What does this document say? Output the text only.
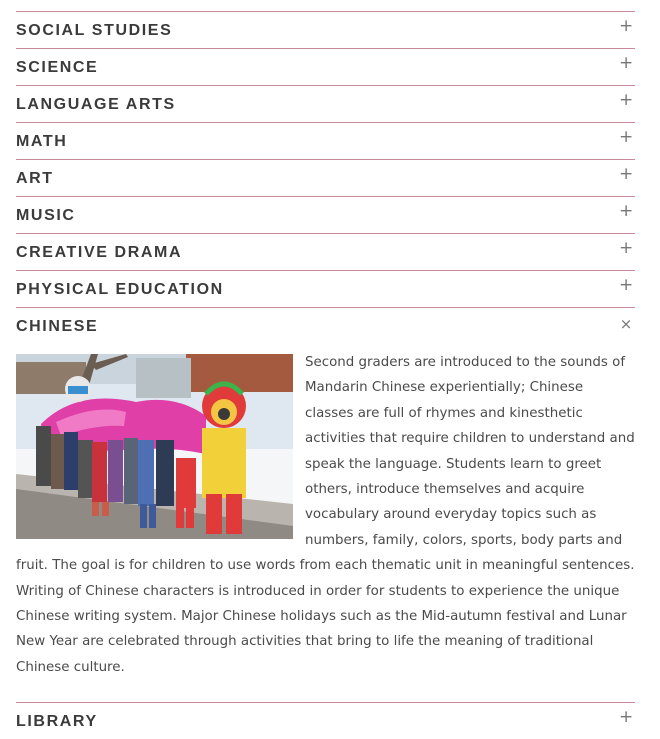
SOCIAL STUDIES	+
SCIENCE	+
LANGUAGE ARTS	+
MATH	+
ART	+
MUSIC	+
CREATIVE DRAMA	+
PHYSICAL EDUCATION	+
CHINESE	×

Second graders are introduced to the sounds of Mandarin Chinese experientially; Chinese classes are full of rhymes and kinesthetic activities that require children to understand and speak the language. Students learn to greet others, introduce themselves and acquire vocabulary around everyday topics such as numbers, family, colors, sports, body parts and fruit. The goal is for children to use words from each thematic unit in meaningful sentences. Writing of Chinese characters is introduced in order for students to experience the unique Chinese writing system. Major Chinese holidays such as the Mid-autumn festival and Lunar New Year are celebrated through activities that bring to life the meaning of traditional Chinese culture.

LIBRARY	+
